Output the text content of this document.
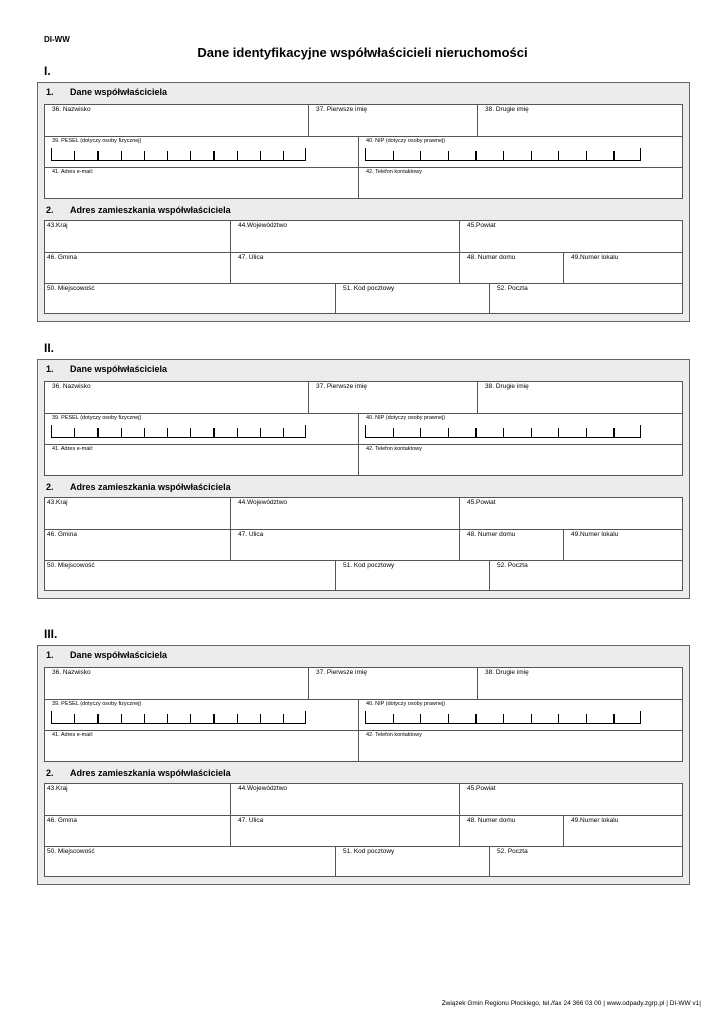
DI-WW
Dane identyfikacyjne współwłaścicieli nieruchomości
I.
1. Dane współwłaściciela
36. Nazwisko	37. Pierwsze imię	38. Drugie imię
39. PESEL (dotyczy osoby fizycznej)	40. NIP (dotyczy osoby prawnej)
41. Adres e-mail:	42. Telefon kontaktowy
2. Adres zamieszkania współwłaściciela
43.Kraj	44.Województwo	45.Powiat
46. Gmina	47. Ulica	48. Numer domu	49.Numer lokalu
50. Miejscowość	51. Kod pocztowy	52. Poczta
II.
1. Dane współwłaściciela
36. Nazwisko	37. Pierwsze imię	38. Drugie imię
39. PESEL (dotyczy osoby fizycznej)	40. NIP (dotyczy osoby prawnej)
41. Adres e-mail:	42. Telefon kontaktowy
2. Adres zamieszkania współwłaściciela
43.Kraj	44.Województwo	45.Powiat
46. Gmina	47. Ulica	48. Numer domu	49.Numer lokalu
50. Miejscowość	51. Kod pocztowy	52. Poczta
III.
1. Dane współwłaściciela
36. Nazwisko	37. Pierwsze imię	38. Drugie imię
39. PESEL (dotyczy osoby fizycznej)	40. NIP (dotyczy osoby prawnej)
41. Adres e-mail:	42. Telefon kontaktowy
2. Adres zamieszkania współwłaściciela
43.Kraj	44.Województwo	45.Powiat
46. Gmina	47. Ulica	48. Numer domu	49.Numer lokalu
50. Miejscowość	51. Kod pocztowy	52. Poczta
Związek Gmin Regionu Płockiego, tel./fax 24 366 03 00 | www.odpady.zgrp.pl | DI-WW v1|
